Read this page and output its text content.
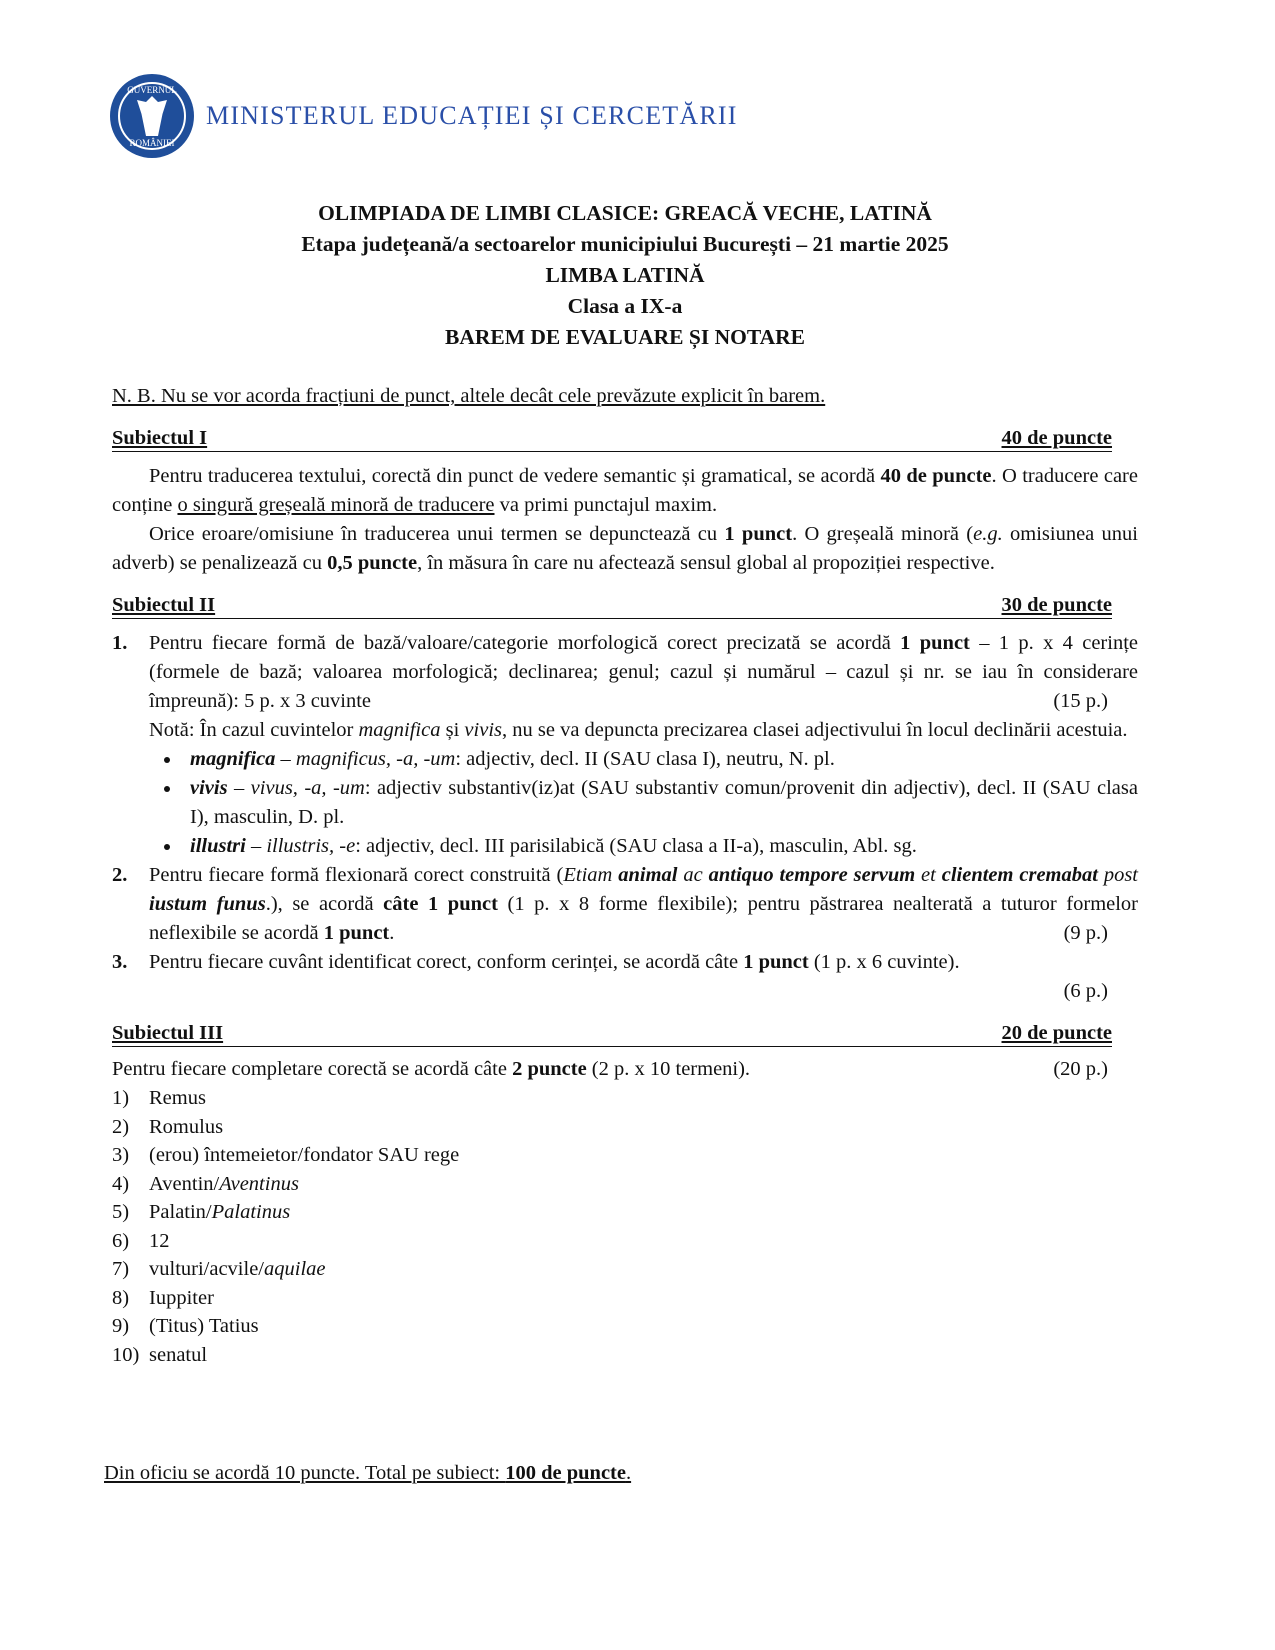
GUVERNUL
ROMÂNIEI
MINISTERUL EDUCAȚIEI ȘI CERCETĂRII
OLIMPIADA DE LIMBI CLASICE: GREACĂ VECHE, LATINĂ
Etapa județeană/a sectoarelor municipiului București – 21 martie 2025
LIMBA LATINĂ
Clasa a IX-a
BAREM DE EVALUARE ȘI NOTARE
N. B. Nu se vor acorda fracțiuni de punct, altele decât cele prevăzute explicit în barem.
Subiectul I	40 de puncte

Pentru traducerea textului, corectă din punct de vedere semantic și gramatical, se acordă 40 de puncte. O traducere care conține o singură greșeală minoră de traducere va primi punctajul maxim.

Orice eroare/omisiune în traducerea unui termen se depunctează cu 1 punct. O greșeală minoră (e.g. omisiunea unui adverb) se penalizează cu 0,5 puncte, în măsura în care nu afectează sensul global al propoziției respective.

Subiectul II	30 de puncte
1.	Pentru fiecare formă de bază/valoare/categorie morfologică corect precizată se acordă 1 punct – 1 p. x 4 cerințe (formele de bază; valoarea morfologică; declinarea; genul; cazul și numărul – cazul și nr. se iau în considerare împreună): 5 p. x 3 cuvinte	(15 p.)

Notă: În cazul cuvintelor magnifica și vivis, nu se va depuncta precizarea clasei adjectivului în locul declinării acestuia.

• magnifica – magnificus, -a, -um: adjectiv, decl. II (SAU clasa I), neutru, N. pl.
• vivis – vivus, -a, -um: adjectiv substantiv(iz)at (SAU substantiv comun/provenit din adjectiv), decl. II (SAU clasa I), masculin, D. pl.
• illustri – illustris, -e: adjectiv, decl. III parisilabică (SAU clasa a II-a), masculin, Abl. sg.
2.	Pentru fiecare formă flexionară corect construită (Etiam animal ac antiquo tempore servum et clientem cremabat post iustum funus.), se acordă câte 1 punct (1 p. x 8 forme flexibile); pentru păstrarea nealterată a tuturor formelor neflexibile se acordă 1 punct.	(9 p.)
3.	Pentru fiecare cuvânt identificat corect, conform cerinței, se acordă câte 1 punct (1 p. x 6 cuvinte).

(6 p.)
Subiectul III	20 de puncte
Pentru fiecare completare corectă se acordă câte 2 puncte (2 p. x 10 termeni).	(20 p.)
1) Remus
2) Romulus
3) (erou) întemeietor/fondator SAU rege
4) Aventin/Aventinus
5) Palatin/Palatinus
6) 12
7) vulturi/acvile/aquilae
8) Iuppiter
9) (Titus) Tatius
10) senatul
Din oficiu se acordă 10 puncte. Total pe subiect: 100 de puncte.
